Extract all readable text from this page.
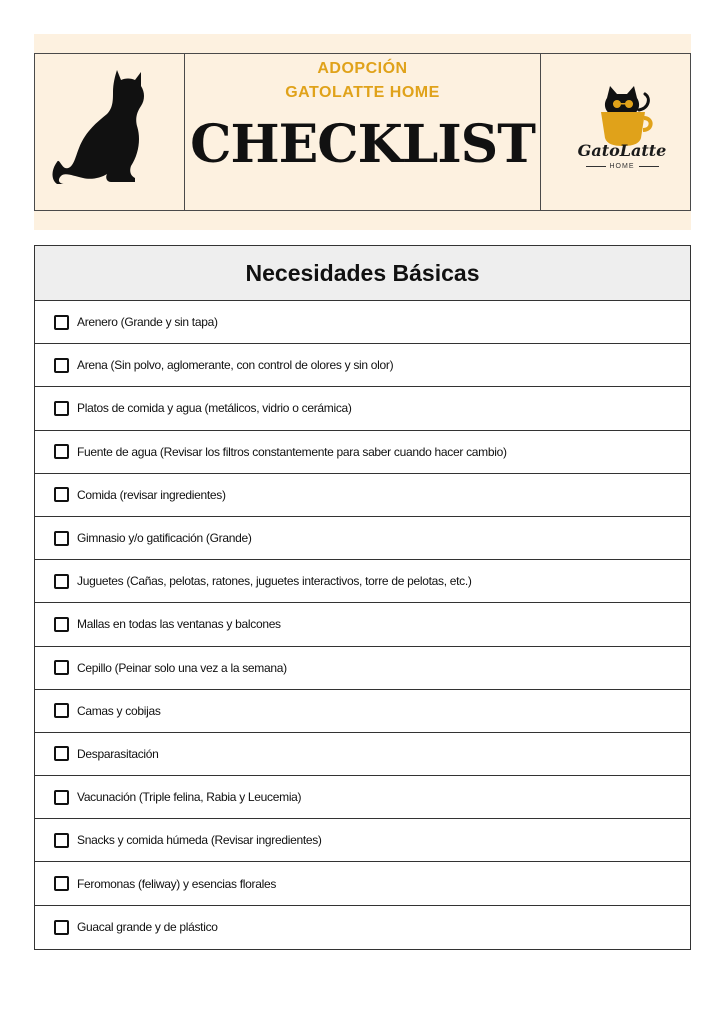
ADOPCIÓN
GATOLATTE HOME
CHECKLIST	GatoLatte
HOME
Necesidades Básicas
Arenero (Grande y sin tapa)
Arena (Sin polvo, aglomerante, con control de olores y sin olor)
Platos de comida y agua (metálicos, vidrio o cerámica)
Fuente de agua (Revisar los filtros constantemente para saber cuando hacer cambio)
Comida (revisar ingredientes)
Gimnasio y/o gatificación (Grande)
Juguetes (Cañas, pelotas, ratones, juguetes interactivos, torre de pelotas, etc.)
Mallas en todas las ventanas y balcones
Cepillo (Peinar solo una vez a la semana)
Camas y cobijas
Desparasitación
Vacunación (Triple felina, Rabia y Leucemia)
Snacks y comida húmeda (Revisar ingredientes)
Feromonas (feliway) y esencias florales
Guacal grande y de plástico
